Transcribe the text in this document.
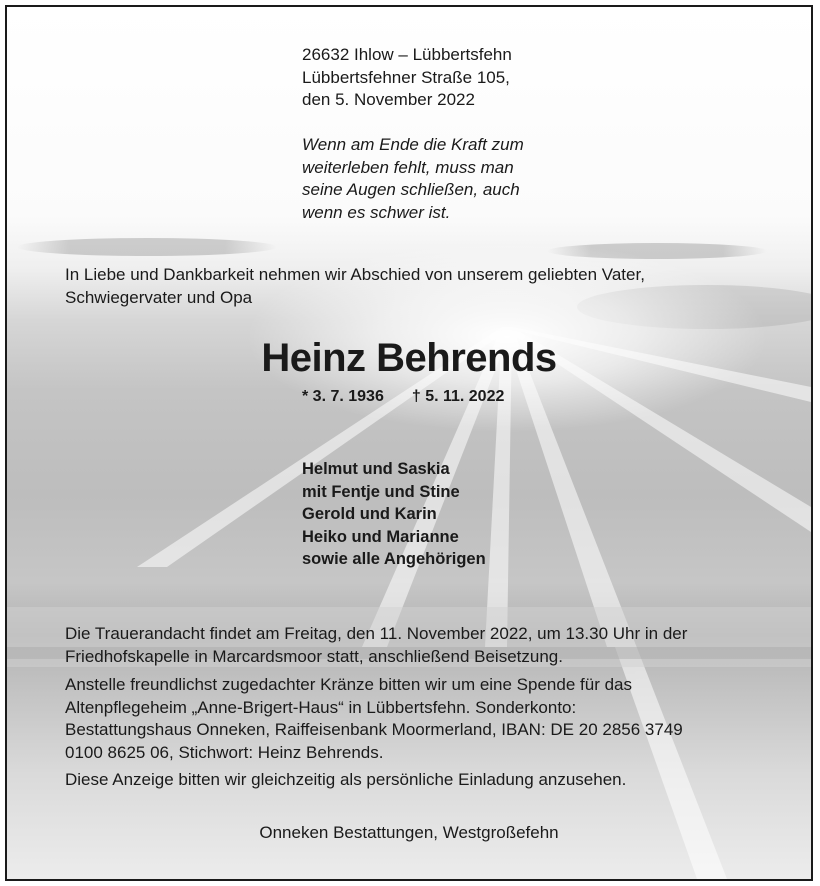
26632 Ihlow – Lübbertsfehn
Lübbertsfehner Straße 105,
den 5. November 2022
Wenn am Ende die Kraft zum
weiterleben fehlt, muss man
seine Augen schließen, auch
wenn es schwer ist.
In Liebe und Dankbarkeit nehmen wir Abschied von unserem geliebten Vater,
Schwiegervater und Opa
Heinz Behrends
* 3. 7. 1936 † 5. 11. 2022
Helmut und Saskia
mit Fentje und Stine
Gerold und Karin
Heiko und Marianne
sowie alle Angehörigen
Die Trauerandacht findet am Freitag, den 11. November 2022, um 13.30 Uhr in der
Friedhofskapelle in Marcardsmoor statt, anschließend Beisetzung.
Anstelle freundlichst zugedachter Kränze bitten wir um eine Spende für das
Altenpflegeheim „Anne-Brigert-Haus“ in Lübbertsfehn. Sonderkonto:
Bestattungshaus Onneken, Raiffeisenbank Moormerland, IBAN: DE 20 2856 3749
0100 8625 06, Stichwort: Heinz Behrends.
Diese Anzeige bitten wir gleichzeitig als persönliche Einladung anzusehen.
Onneken Bestattungen, Westgroßefehn
